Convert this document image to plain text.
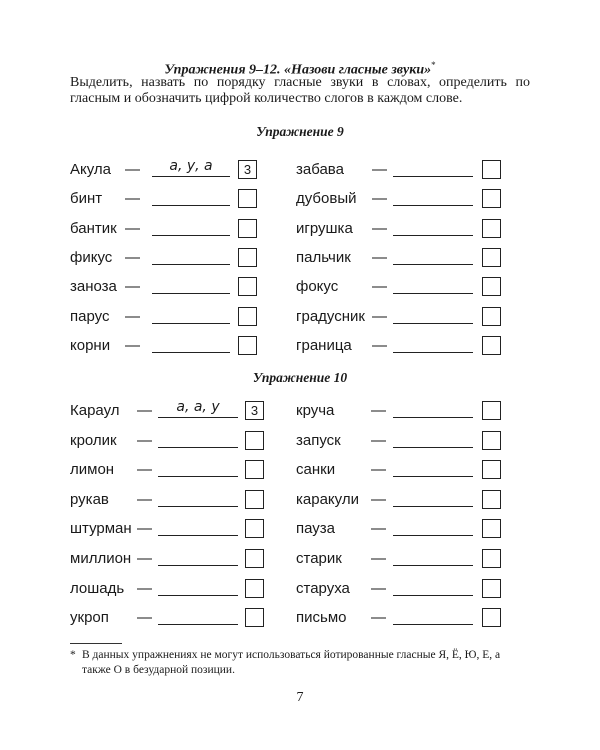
Упражнения 9–12. «Назови гласные звуки»*
Выделить, назвать по порядку гласные звуки в словах, определить по гласным и обозначить цифрой количество слогов в каждом слове.
Упражнение 9
Акула —	а, у, а	3
бинт —
бантик —
фикус —
заноза —
парус —
корни —
забава —
дубовый —
игрушка —
пальчик —
фокус —
градусник —
граница —
Упражнение 10
Караул —	а, а, у	3
кролик —
лимон —
рукав —
штурман —
миллион —
лошадь —
укроп —
кручa —
запуск —
санки —
каракули —
пауза —
старик —
старуха —
письмо —
* В данных упражнениях не могут использоваться йотированные гласные Я, Ё, Ю, Е, а также О в безударной позиции.
7
